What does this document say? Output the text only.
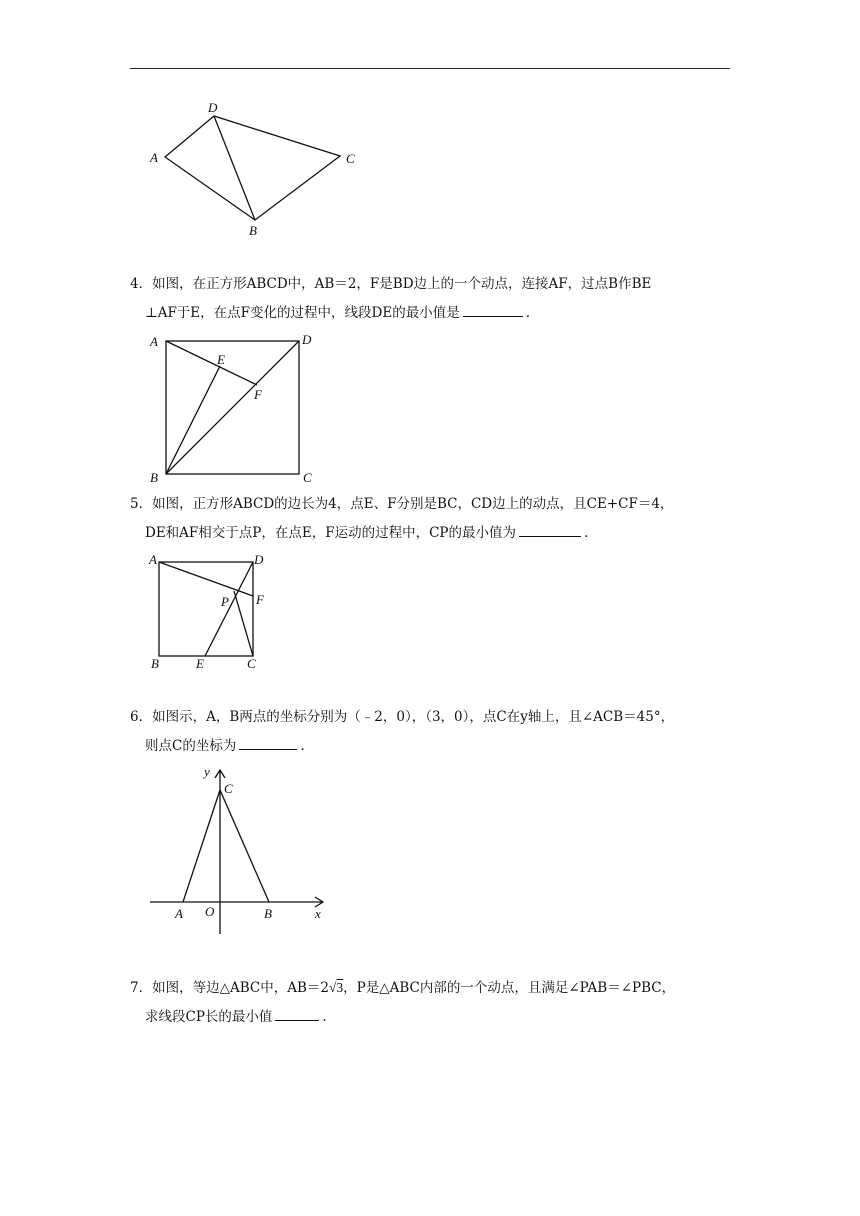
A
D
C
B
4．如图，在正方形ABCD中，AB＝2，F是BD边上的一个动点，连接AF，过点B作BE
⊥AF于E，在点F变化的过程中，线段DE的最小值是	.
A	D
E
F
B	C
5．如图，正方形ABCD的边长为4，点E、F分别是BC，CD边上的动点，且CE+CF＝4，
DE和AF相交于点P，在点E，F运动的过程中，CP的最小值为	.
A	D
P F
B	E	C
6．如图示，A，B两点的坐标分别为（﹣2，0），（3，0），点C在y轴上，且∠ACB＝45°，
则点C的坐标为	.
y
C
A O	B	x
7．如图，等边△ABC中，AB＝2√3，P是△ABC内部的一个动点，且满足∠PAB＝∠PBC，
求线段CP长的最小值	.
